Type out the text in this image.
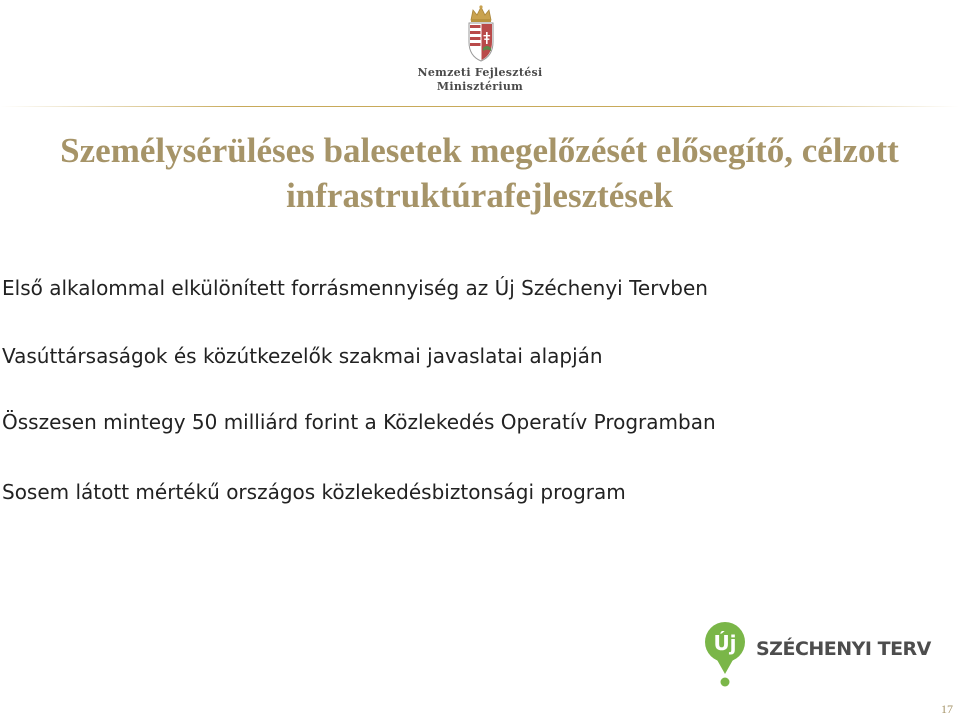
Nemzeti Fejlesztési
Minisztérium
Személysérüléses balesetek megelőzését elősegítő, célzott
infrastruktúrafejlesztések
Első alkalommal elkülönített forrásmennyiség az Új Széchenyi Tervben
Vasúttársaságok és közútkezelők szakmai javaslatai alapján
Összesen mintegy 50 milliárd forint a Közlekedés Operatív Programban
Sosem látott mértékű országos közlekedésbiztonsági program
Új SZÉCHENYI TERV
17
